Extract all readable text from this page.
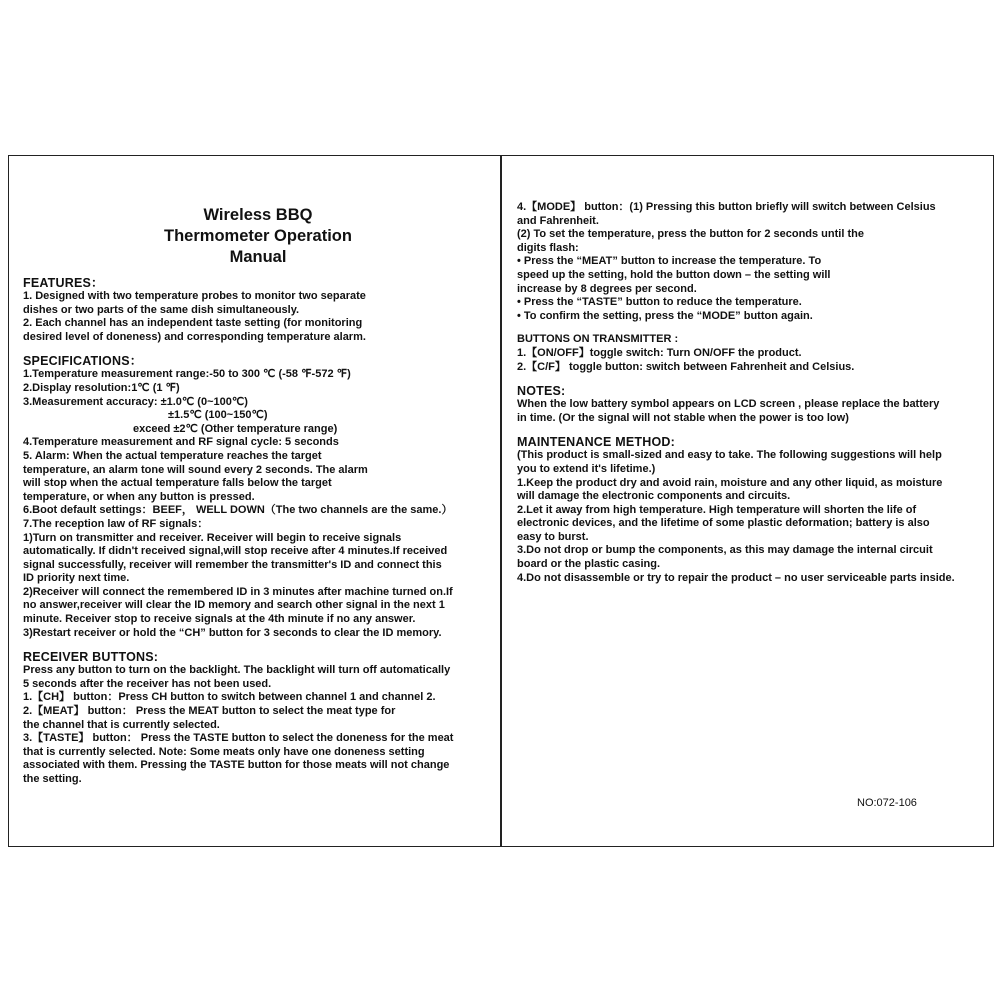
Wireless BBQ
Thermometer Operation
Manual
FEATURES：
1. Designed with two temperature probes to monitor two separate
dishes or two parts of the same dish simultaneously.
2. Each channel has an independent taste setting (for monitoring
desired level of doneness) and corresponding temperature alarm.
SPECIFICATIONS：
1.Temperature measurement range:-50 to 300 ℃ (-58 ℉-572 ℉)
2.Display resolution:1℃ (1 ℉)
3.Measurement accuracy: ±1.0℃ (0~100℃)
±1.5℃ (100~150℃)
exceed ±2℃ (Other temperature range)
4.Temperature measurement and RF signal cycle: 5 seconds
5. Alarm: When the actual temperature reaches the target
temperature, an alarm tone will sound every 2 seconds. The alarm
will stop when the actual temperature falls below the target
temperature, or when any button is pressed.
6.Boot default settings：BEEF， WELL DOWN（The two channels are the same.）
7.The reception law of RF signals：
1)Turn on transmitter and receiver. Receiver will begin to receive signals
automatically. If didn't received signal,will stop receive after 4 minutes.If received
signal successfully, receiver will remember the transmitter's ID and connect this
ID priority next time.
2)Receiver will connect the remembered ID in 3 minutes after machine turned on.If
no answer,receiver will clear the ID memory and search other signal in the next 1
minute. Receiver stop to receive signals at the 4th minute if no any answer.
3)Restart receiver or hold the “CH” button for 3 seconds to clear the ID memory.
RECEIVER BUTTONS:
Press any button to turn on the backlight. The backlight will turn off automatically
5 seconds after the receiver has not been used.
1.【CH】 button：Press CH button to switch between channel 1 and channel 2.
2.【MEAT】 button： Press the MEAT button to select the meat type for
the channel that is currently selected.
3.【TASTE】 button： Press the TASTE button to select the doneness for the meat
that is currently selected. Note: Some meats only have one doneness setting
associated with them. Pressing the TASTE button for those meats will not change
the setting.
4.【MODE】 button：(1) Pressing this button briefly will switch between Celsius
and Fahrenheit.
(2) To set the temperature, press the button for 2 seconds until the
digits flash:
• Press the “MEAT” button to increase the temperature. To
speed up the setting, hold the button down – the setting will
increase by 8 degrees per second.
• Press the “TASTE” button to reduce the temperature.
• To confirm the setting, press the “MODE” button again.
BUTTONS ON TRANSMITTER :
1.【ON/OFF】toggle switch: Turn ON/OFF the product.
2.【C/F】 toggle button: switch between Fahrenheit and Celsius.
NOTES:
When the low battery symbol appears on LCD screen , please replace the battery
in time. (Or the signal will not stable when the power is too low)
MAINTENANCE METHOD:
(This product is small-sized and easy to take. The following suggestions will help
you to extend it's lifetime.)
1.Keep the product dry and avoid rain, moisture and any other liquid, as moisture
will damage the electronic components and circuits.
2.Let it away from high temperature. High temperature will shorten the life of
electronic devices, and the lifetime of some plastic deformation; battery is also
easy to burst.
3.Do not drop or bump the components, as this may damage the internal circuit
board or the plastic casing.
4.Do not disassemble or try to repair the product – no user serviceable parts inside.
NO:072-106
